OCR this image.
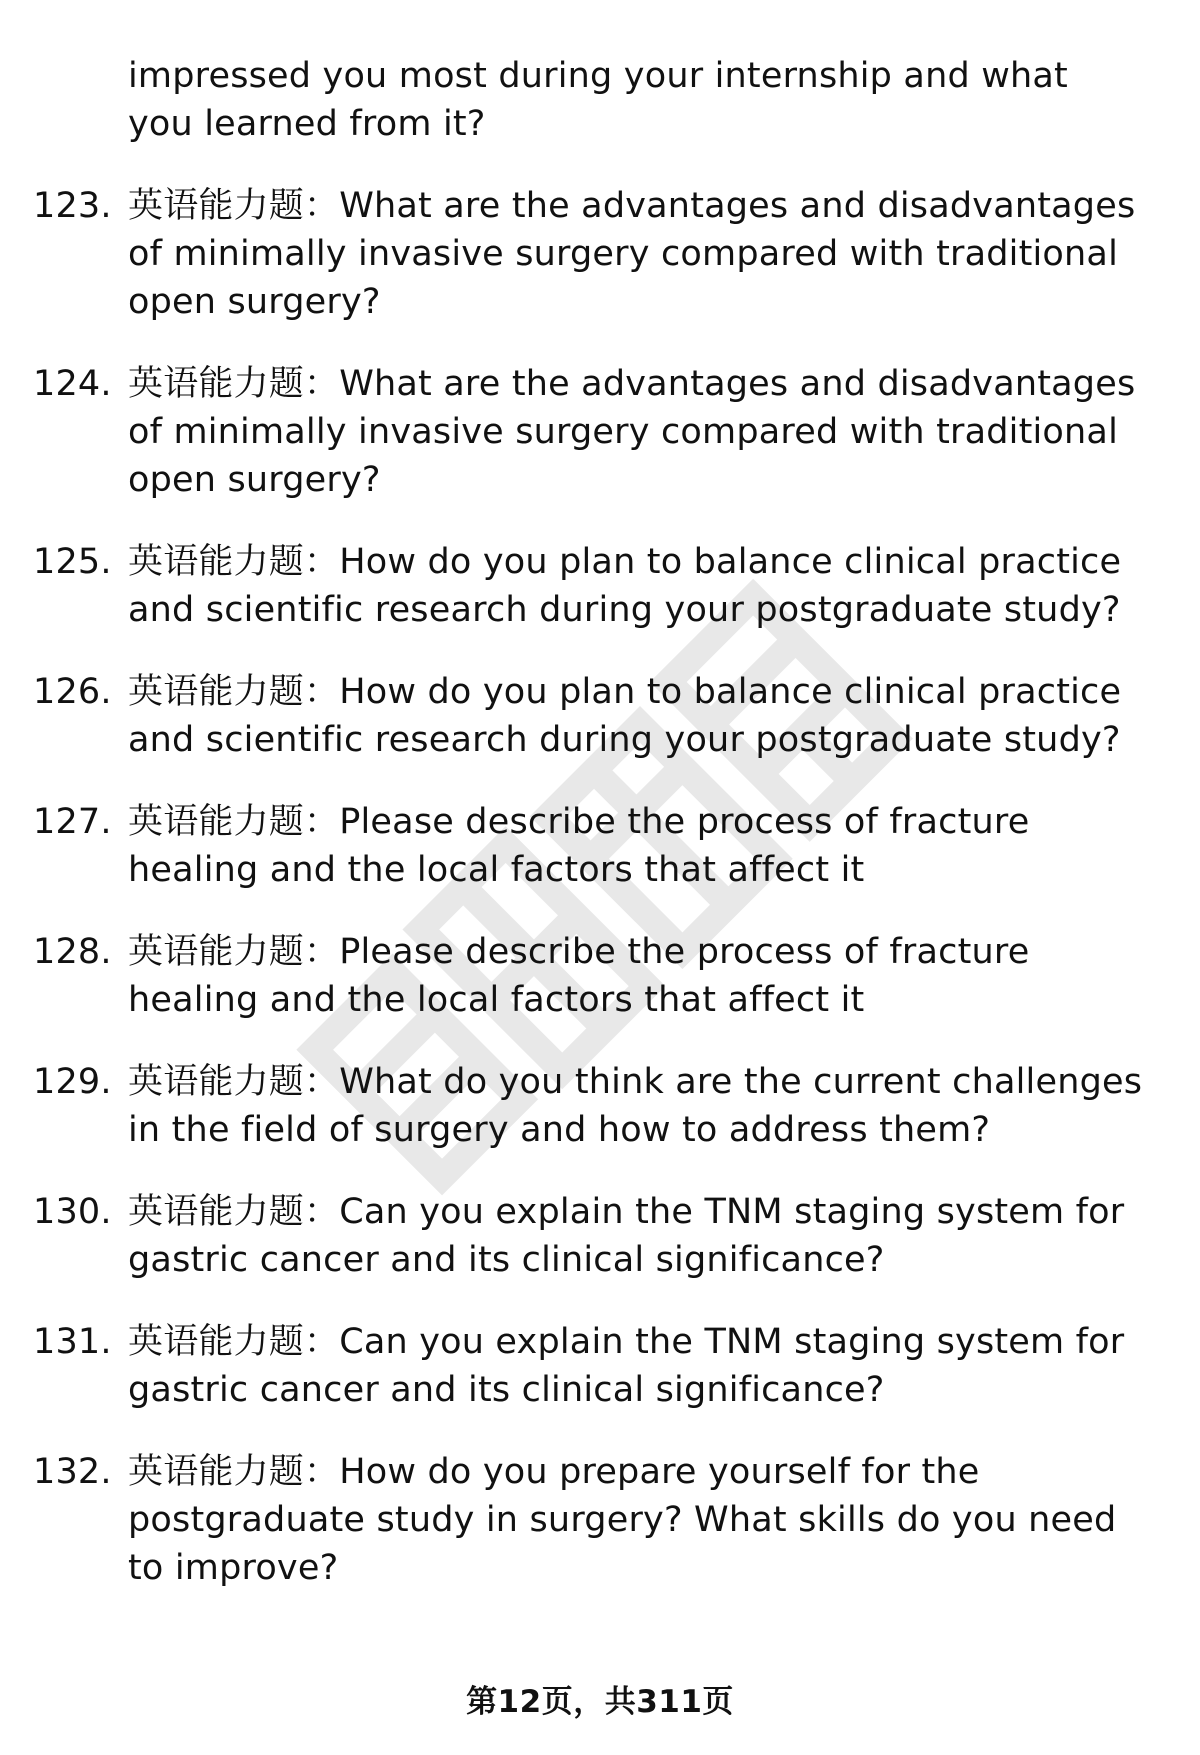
impressed you most during your internship and what you learned from it?
123. 英语能力题：What are the advantages and disadvantages of minimally invasive surgery compared with traditional open surgery?
124. 英语能力题：What are the advantages and disadvantages of minimally invasive surgery compared with traditional open surgery?
125. 英语能力题：How do you plan to balance clinical practice and scientific research during your postgraduate study?
126. 英语能力题：How do you plan to balance clinical practice and scientific research during your postgraduate study?
127. 英语能力题：Please describe the process of fracture healing and the local factors that affect it
128. 英语能力题：Please describe the process of fracture healing and the local factors that affect it
129. 英语能力题：What do you think are the current challenges in the field of surgery and how to address them?
130. 英语能力题：Can you explain the TNM staging system for gastric cancer and its clinical significance?
131. 英语能力题：Can you explain the TNM staging system for gastric cancer and its clinical significance?
132. 英语能力题：How do you prepare yourself for the postgraduate study in surgery? What skills do you need to improve?
第12页，共311页
